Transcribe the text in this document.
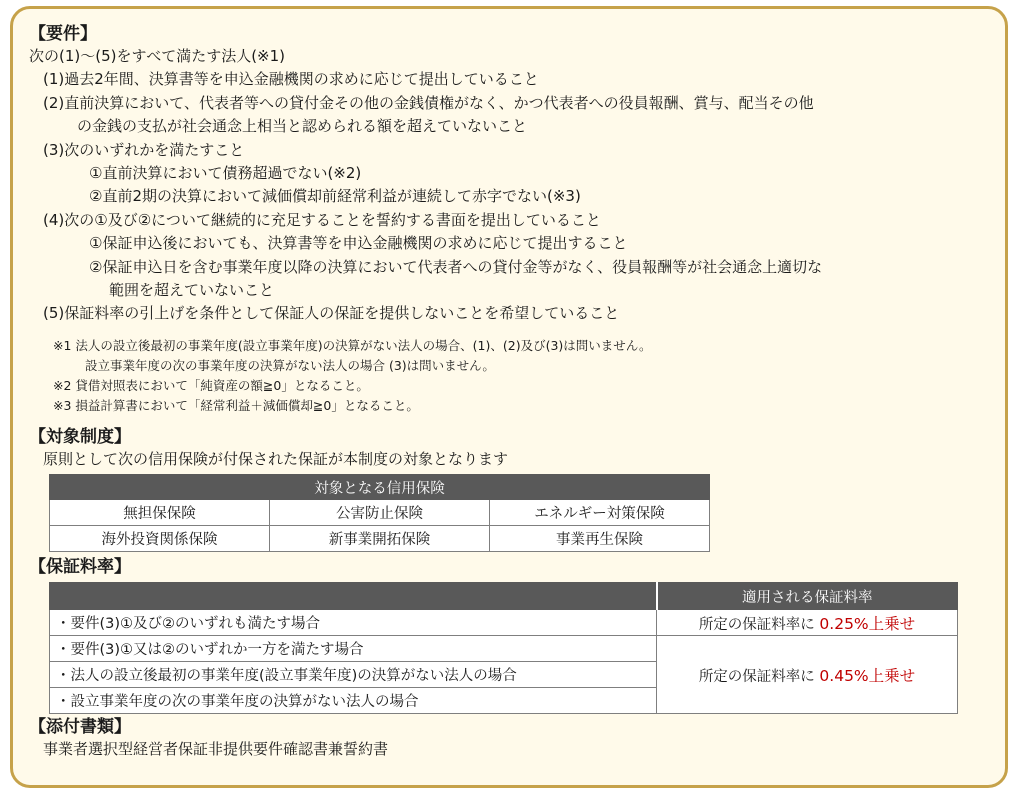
【要件】
次の(1)～(5)をすべて満たす法人(※1)
(1)過去2年間、決算書等を申込金融機関の求めに応じて提出していること
(2)直前決算において、代表者等への貸付金その他の金銭債権がなく、かつ代表者への役員報酬、賞与、配当その他
の金銭の支払が社会通念上相当と認められる額を超えていないこと
(3)次のいずれかを満たすこと
①直前決算において債務超過でない(※2)
②直前2期の決算において減価償却前経常利益が連続して赤字でない(※3)
(4)次の①及び②について継続的に充足することを誓約する書面を提出していること
①保証申込後においても、決算書等を申込金融機関の求めに応じて提出すること
②保証申込日を含む事業年度以降の決算において代表者への貸付金等がなく、役員報酬等が社会通念上適切な
範囲を超えていないこと
(5)保証料率の引上げを条件として保証人の保証を提供しないことを希望していること
※1 法人の設立後最初の事業年度(設立事業年度)の決算がない法人の場合、(1)、(2)及び(3)は問いません。
設立事業年度の次の事業年度の決算がない法人の場合 (3)は問いません。
※2 貸借対照表において「純資産の額≧0」となること。
※3 損益計算書において「経常利益＋減価償却≧0」となること。
【対象制度】
原則として次の信用保険が付保された保証が本制度の対象となります
対象となる信用保険		
無担保保険	公害防止保険	エネルギー対策保険
海外投資関係保険	新事業開拓保険	事業再生保険
【保証料率】
	適用される保証料率
・要件(3)①及び②のいずれも満たす場合	所定の保証料率に 0.25%上乗せ
・要件(3)①又は②のいずれか一方を満たす場合	所定の保証料率に 0.45%上乗せ
・法人の設立後最初の事業年度(設立事業年度)の決算がない法人の場合	
・設立事業年度の次の事業年度の決算がない法人の場合	
【添付書類】
事業者選択型経営者保証非提供要件確認書兼誓約書
